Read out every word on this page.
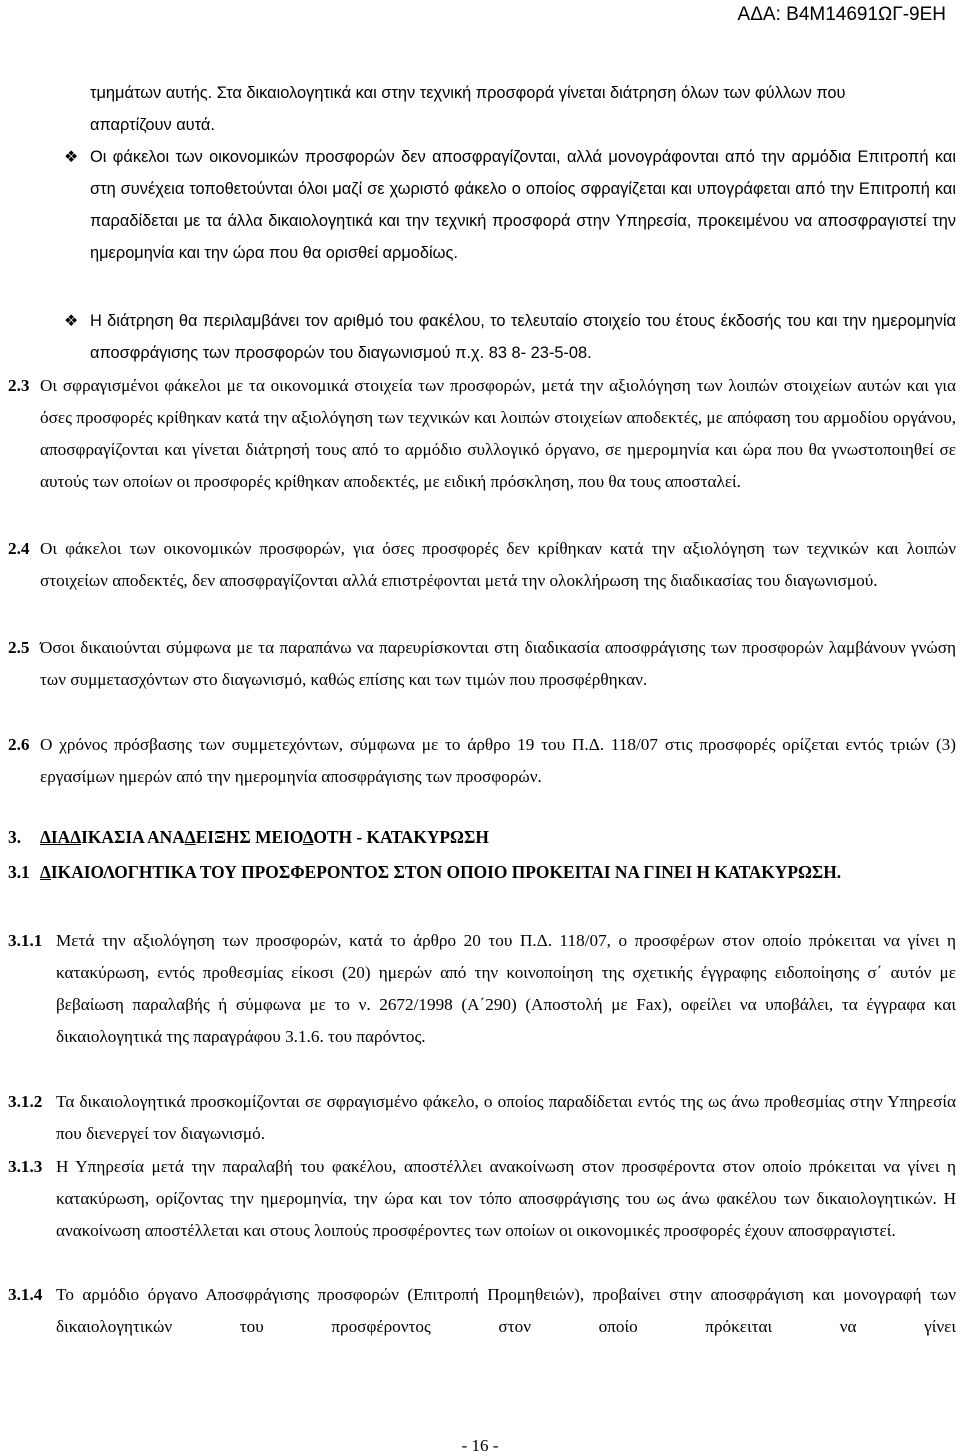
ΑΔΑ: Β4Μ14691ΩΓ-9ΕΗ

τμημάτων αυτής. Στα δικαιολογητικά και στην τεχνική προσφορά γίνεται διάτρηση όλων των φύλλων που απαρτίζουν αυτά.

❖ Οι φάκελοι των οικονομικών προσφορών δεν αποσφραγίζονται, αλλά μονογράφονται από την αρμόδια Επιτροπή και στη συνέχεια τοποθετούνται όλοι μαζί σε χωριστό φάκελο ο οποίος σφραγίζεται και υπογράφεται από την Επιτροπή και παραδίδεται με τα άλλα δικαιολογητικά και την τεχνική προσφορά στην Υπηρεσία, προκειμένου να αποσφραγιστεί την ημερομηνία και την ώρα που θα ορισθεί αρμοδίως.

❖ Η διάτρηση θα περιλαμβάνει τον αριθμό του φακέλου, το τελευταίο στοιχείο του έτους έκδοσής του και την ημερομηνία αποσφράγισης των προσφορών του διαγωνισμού π.χ. 83 8- 23-5-08.

2.3 Οι σφραγισμένοι φάκελοι με τα οικονομικά στοιχεία των προσφορών, μετά την αξιολόγηση των λοιπών στοιχείων αυτών και για όσες προσφορές κρίθηκαν κατά την αξιολόγηση των τεχνικών και λοιπών στοιχείων αποδεκτές, με απόφαση του αρμοδίου οργάνου, αποσφραγίζονται και γίνεται διάτρησή τους από το αρμόδιο συλλογικό όργανο, σε ημερομηνία και ώρα που θα γνωστοποιηθεί σε αυτούς των οποίων οι προσφορές κρίθηκαν αποδεκτές, με ειδική πρόσκληση, που θα τους αποσταλεί.

2.4 Οι φάκελοι των οικονομικών προσφορών, για όσες προσφορές δεν κρίθηκαν κατά την αξιολόγηση των τεχνικών και λοιπών στοιχείων αποδεκτές, δεν αποσφραγίζονται αλλά επιστρέφονται μετά την ολοκλήρωση της διαδικασίας του διαγωνισμού.

2.5 Όσοι δικαιούνται σύμφωνα με τα παραπάνω να παρευρίσκονται στη διαδικασία αποσφράγισης των προσφορών λαμβάνουν γνώση των συμμετασχόντων στο διαγωνισμό, καθώς επίσης και των τιμών που προσφέρθηκαν.

2.6 Ο χρόνος πρόσβασης των συμμετεχόντων, σύμφωνα με το άρθρο 19 του Π.Δ. 118/07 στις προσφορές ορίζεται εντός τριών (3) εργασίμων ημερών από την ημερομηνία αποσφράγισης των προσφορών.

3. ΔΙΑΔΙΚΑΣΙΑ ΑΝΑΔΕΙΞΗΣ ΜΕΙΟΔΟΤΗ - ΚΑΤΑΚΥΡΩΣΗ
3.1 ΔΙΚΑΙΟΛΟΓΗΤΙΚΑ ΤΟΥ ΠΡΟΣΦΕΡΟΝΤΟΣ ΣΤΟΝ ΟΠΟΙΟ ΠΡΟΚΕΙΤΑΙ ΝΑ ΓΙΝΕΙ Η ΚΑΤΑΚΥΡΩΣΗ.
3.1.1 Μετά την αξιολόγηση των προσφορών, κατά το άρθρο 20 του Π.Δ. 118/07, ο προσφέρων στον οποίο πρόκειται να γίνει η κατακύρωση, εντός προθεσμίας είκοσι (20) ημερών από την κοινοποίηση της σχετικής έγγραφης ειδοποίησης σ΄ αυτόν με βεβαίωση παραλαβής ή σύμφωνα με το ν. 2672/1998 (Α΄290) (Αποστολή με Fax), οφείλει να υποβάλει, τα έγγραφα και δικαιολογητικά της παραγράφου 3.1.6. του παρόντος.

3.1.2 Τα δικαιολογητικά προσκομίζονται σε σφραγισμένο φάκελο, ο οποίος παραδίδεται εντός της ως άνω προθεσμίας στην Υπηρεσία που διενεργεί τον διαγωνισμό.

3.1.3 Η Υπηρεσία μετά την παραλαβή του φακέλου, αποστέλλει ανακοίνωση στον προσφέροντα στον οποίο πρόκειται να γίνει η κατακύρωση, ορίζοντας την ημερομηνία, την ώρα και τον τόπο αποσφράγισης του ως άνω φακέλου των δικαιολογητικών. Η ανακοίνωση αποστέλλεται και στους λοιπούς προσφέροντες των οποίων οι οικονομικές προσφορές έχουν αποσφραγιστεί.

3.1.4 Το αρμόδιο όργανο Αποσφράγισης προσφορών (Επιτροπή Προμηθειών), προβαίνει στην αποσφράγιση και μονογραφή των δικαιολογητικών του προσφέροντος στον οποίο πρόκειται να γίνει

- 16 -
